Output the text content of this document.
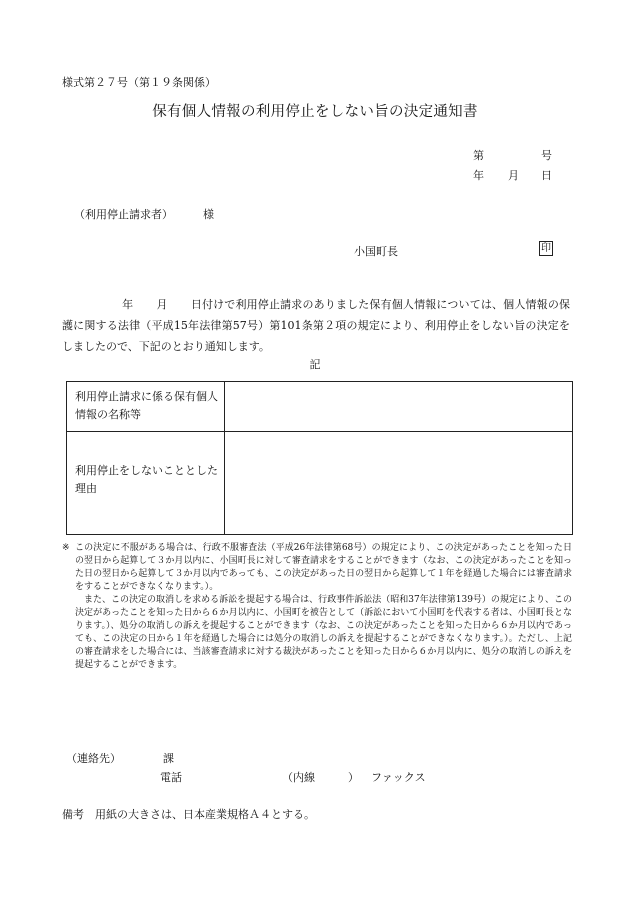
様式第２７号（第１９条関係）
保有個人情報の利用停止をしない旨の決定通知書
第	号
年 月 日
（利用停止請求者）	様
小国町長	印

年 月 日付けで利用停止請求のありました保有個人情報については、個人情報の保護に関する法律（平成15年法律第57号）第101条第２項の規定により、利用停止をしない旨の決定をしましたので、下記のとおり通知します。

記
利用停止請求に係る保有個人情報の名称等
利用停止をしないこととした理由
※ この決定に不服がある場合は、行政不服審査法（平成26年法律第68号）の規定により、この決定があったことを知った日の翌日から起算して３か月以内に、小国町長に対して審査請求をすることができます（なお、この決定があったことを知った日の翌日から起算して３か月以内であっても、この決定があった日の翌日から起算して１年を経過した場合には審査請求をすることができなくなります。）。
また、この決定の取消しを求める訴訟を提起する場合は、行政事件訴訟法（昭和37年法律第139号）の規定により、この決定があったことを知った日から６か月以内に、小国町を被告として（訴訟において小国町を代表する者は、小国町長となります。）、処分の取消しの訴えを提起することができます（なお、この決定があったことを知った日から６か月以内であっても、この決定の日から１年を経過した場合には処分の取消しの訴えを提起することができなくなります。）。ただし、上記の審査請求をした場合には、当該審査請求に対する裁決があったことを知った日から６か月以内に、処分の取消しの訴えを提起することができます。
（連絡先）	課
電話	（内線　　　） ファックス
備考　用紙の大きさは、日本産業規格Ａ４とする。
